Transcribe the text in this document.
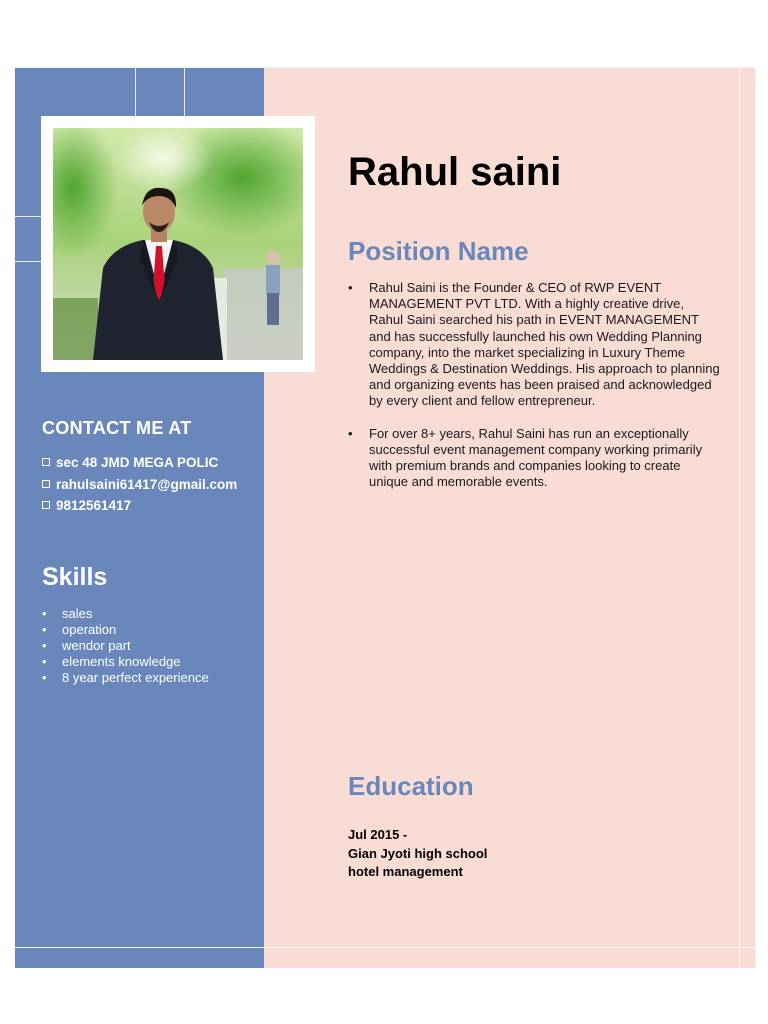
CONTACT ME AT
sec 48 JMD MEGA POLIC
rahulsaini61417@gmail.com
9812561417
Skills
• sales
• operation
• wendor part
• elements knowledge
• 8 year perfect experience
Rahul saini
Position Name
• Rahul Saini is the Founder & CEO of RWP EVENT MANAGEMENT PVT LTD. With a highly creative drive, Rahul Saini searched his path in EVENT MANAGEMENT and has successfully launched his own Wedding Planning company, into the market specializing in Luxury Theme Weddings & Destination Weddings. His approach to planning and organizing events has been praised and acknowledged by every client and fellow entrepreneur.
• For over 8+ years, Rahul Saini has run an exceptionally successful event management company working primarily with premium brands and companies looking to create unique and memorable events.
Education
Jul 2015 -
Gian Jyoti high school
hotel management
